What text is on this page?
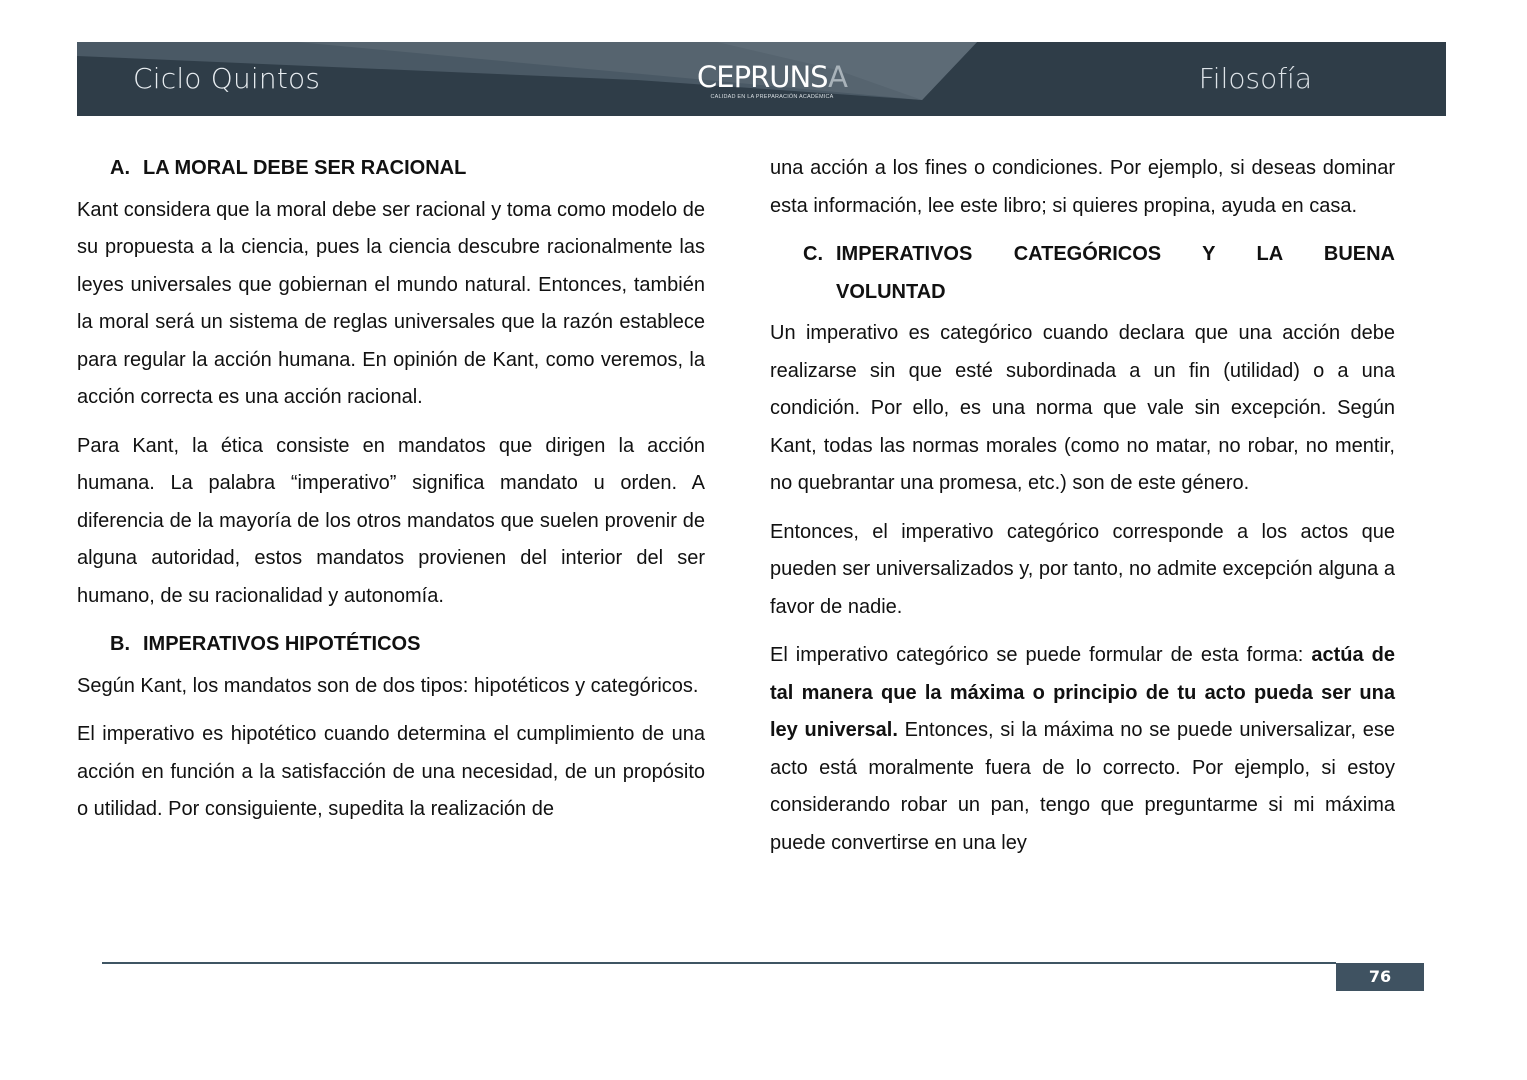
Ciclo Quintos	CEPRUNSA
CALIDAD EN LA PREPARACIÓN ACADÉMICA
Filosofía
A. LA MORAL DEBE SER RACIONAL

Kant considera que la moral debe ser racional y toma como modelo de su propuesta a la ciencia, pues la ciencia descubre racionalmente las leyes universales que gobiernan el mundo natural. Entonces, también la moral será un sistema de reglas universales que la razón establece para regular la acción humana. En opinión de Kant, como veremos, la acción correcta es una acción racional.

Para Kant, la ética consiste en mandatos que dirigen la acción humana. La palabra “imperativo” significa mandato u orden. A diferencia de la mayoría de los otros mandatos que suelen provenir de alguna autoridad, estos mandatos provienen del interior del ser humano, de su racionalidad y autonomía.

B. IMPERATIVOS HIPOTÉTICOS

Según Kant, los mandatos son de dos tipos: hipotéticos y categóricos.

El imperativo es hipotético cuando determina el cumplimiento de una acción en función a la satisfacción de una necesidad, de un propósito o utilidad. Por consiguiente, supedita la realización de

una acción a los fines o condiciones. Por ejemplo, si deseas dominar esta información, lee este libro; si quieres propina, ayuda en casa.

C. IMPERATIVOS CATEGÓRICOS Y LA BUENA
VOLUNTAD

Un imperativo es categórico cuando declara que una acción debe realizarse sin que esté subordinada a un fin (utilidad) o a una condición. Por ello, es una norma que vale sin excepción. Según Kant, todas las normas morales (como no matar, no robar, no mentir, no quebrantar una promesa, etc.) son de este género.

Entonces, el imperativo categórico corresponde a los actos que pueden ser universalizados y, por tanto, no admite excepción alguna a favor de nadie.

El imperativo categórico se puede formular de esta forma: actúa de tal manera que la máxima o principio de tu acto pueda ser una ley universal. Entonces, si la máxima no se puede universalizar, ese acto está moralmente fuera de lo correcto. Por ejemplo, si estoy considerando robar un pan, tengo que preguntarme si mi máxima puede convertirse en una ley

76
